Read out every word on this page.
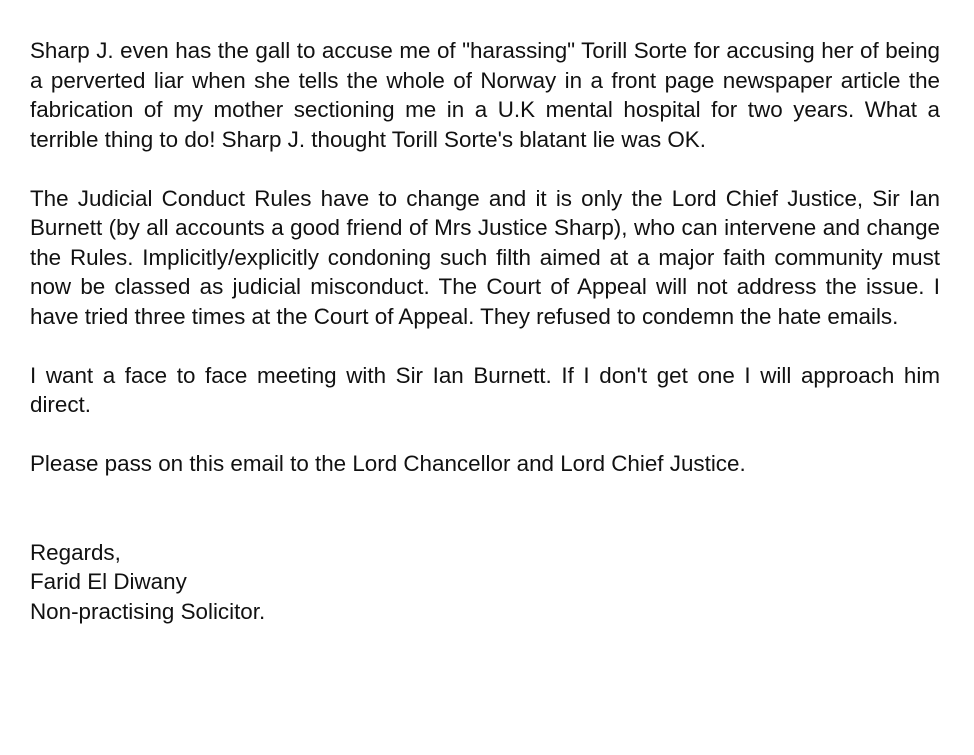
Sharp J. even has the gall to accuse me of "harassing" Torill Sorte for accusing her of being a perverted liar when she tells the whole of Norway in a front page newspaper article the fabrication of my mother sectioning me in a U.K mental hospital for two years. What a terrible thing to do! Sharp J. thought Torill Sorte's blatant lie was OK.

The Judicial Conduct Rules have to change and it is only the Lord Chief Justice, Sir Ian Burnett (by all accounts a good friend of Mrs Justice Sharp), who can intervene and change the Rules. Implicitly/explicitly condoning such filth aimed at a major faith community must now be classed as judicial misconduct. The Court of Appeal will not address the issue. I have tried three times at the Court of Appeal. They refused to condemn the hate emails.

I want a face to face meeting with Sir Ian Burnett. If I don't get one I will approach him direct.

Please pass on this email to the Lord Chancellor and Lord Chief Justice.

Regards,
Farid El Diwany
Non-practising Solicitor.
